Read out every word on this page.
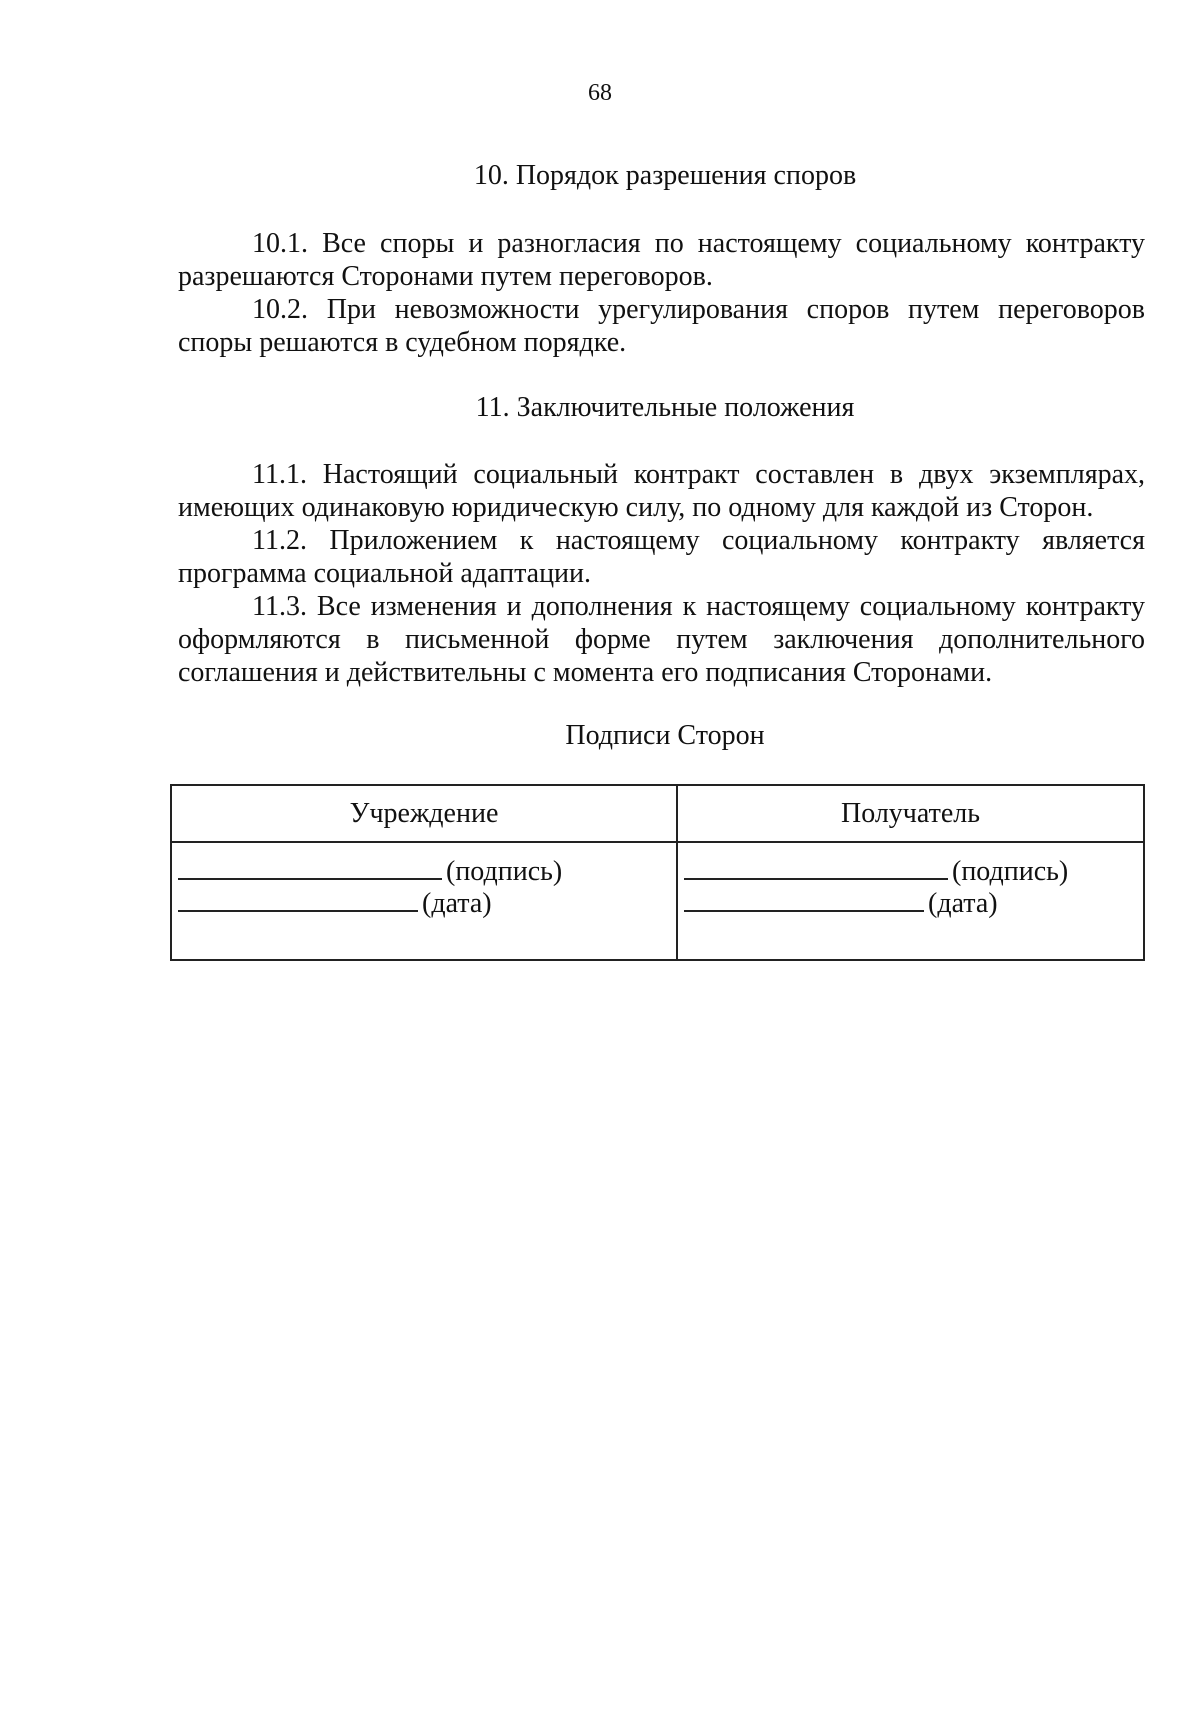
68
10. Порядок разрешения споров
10.1. Все споры и разногласия по настоящему социальному контракту разрешаются Сторонами путем переговоров.
10.2. При невозможности урегулирования споров путем переговоров споры решаются в судебном порядке.
11. Заключительные положения
11.1. Настоящий социальный контракт составлен в двух экземплярах, имеющих одинаковую юридическую силу, по одному для каждой из Сторон.
11.2. Приложением к настоящему социальному контракту является программа социальной адаптации.
11.3. Все изменения и дополнения к настоящему социальному контракту оформляются в письменной форме путем заключения дополнительного соглашения и действительны с момента его подписания Сторонами.
Подписи Сторон
Учреждение	Получатель
(подпись)
(дата)
(подпись)
(дата)
